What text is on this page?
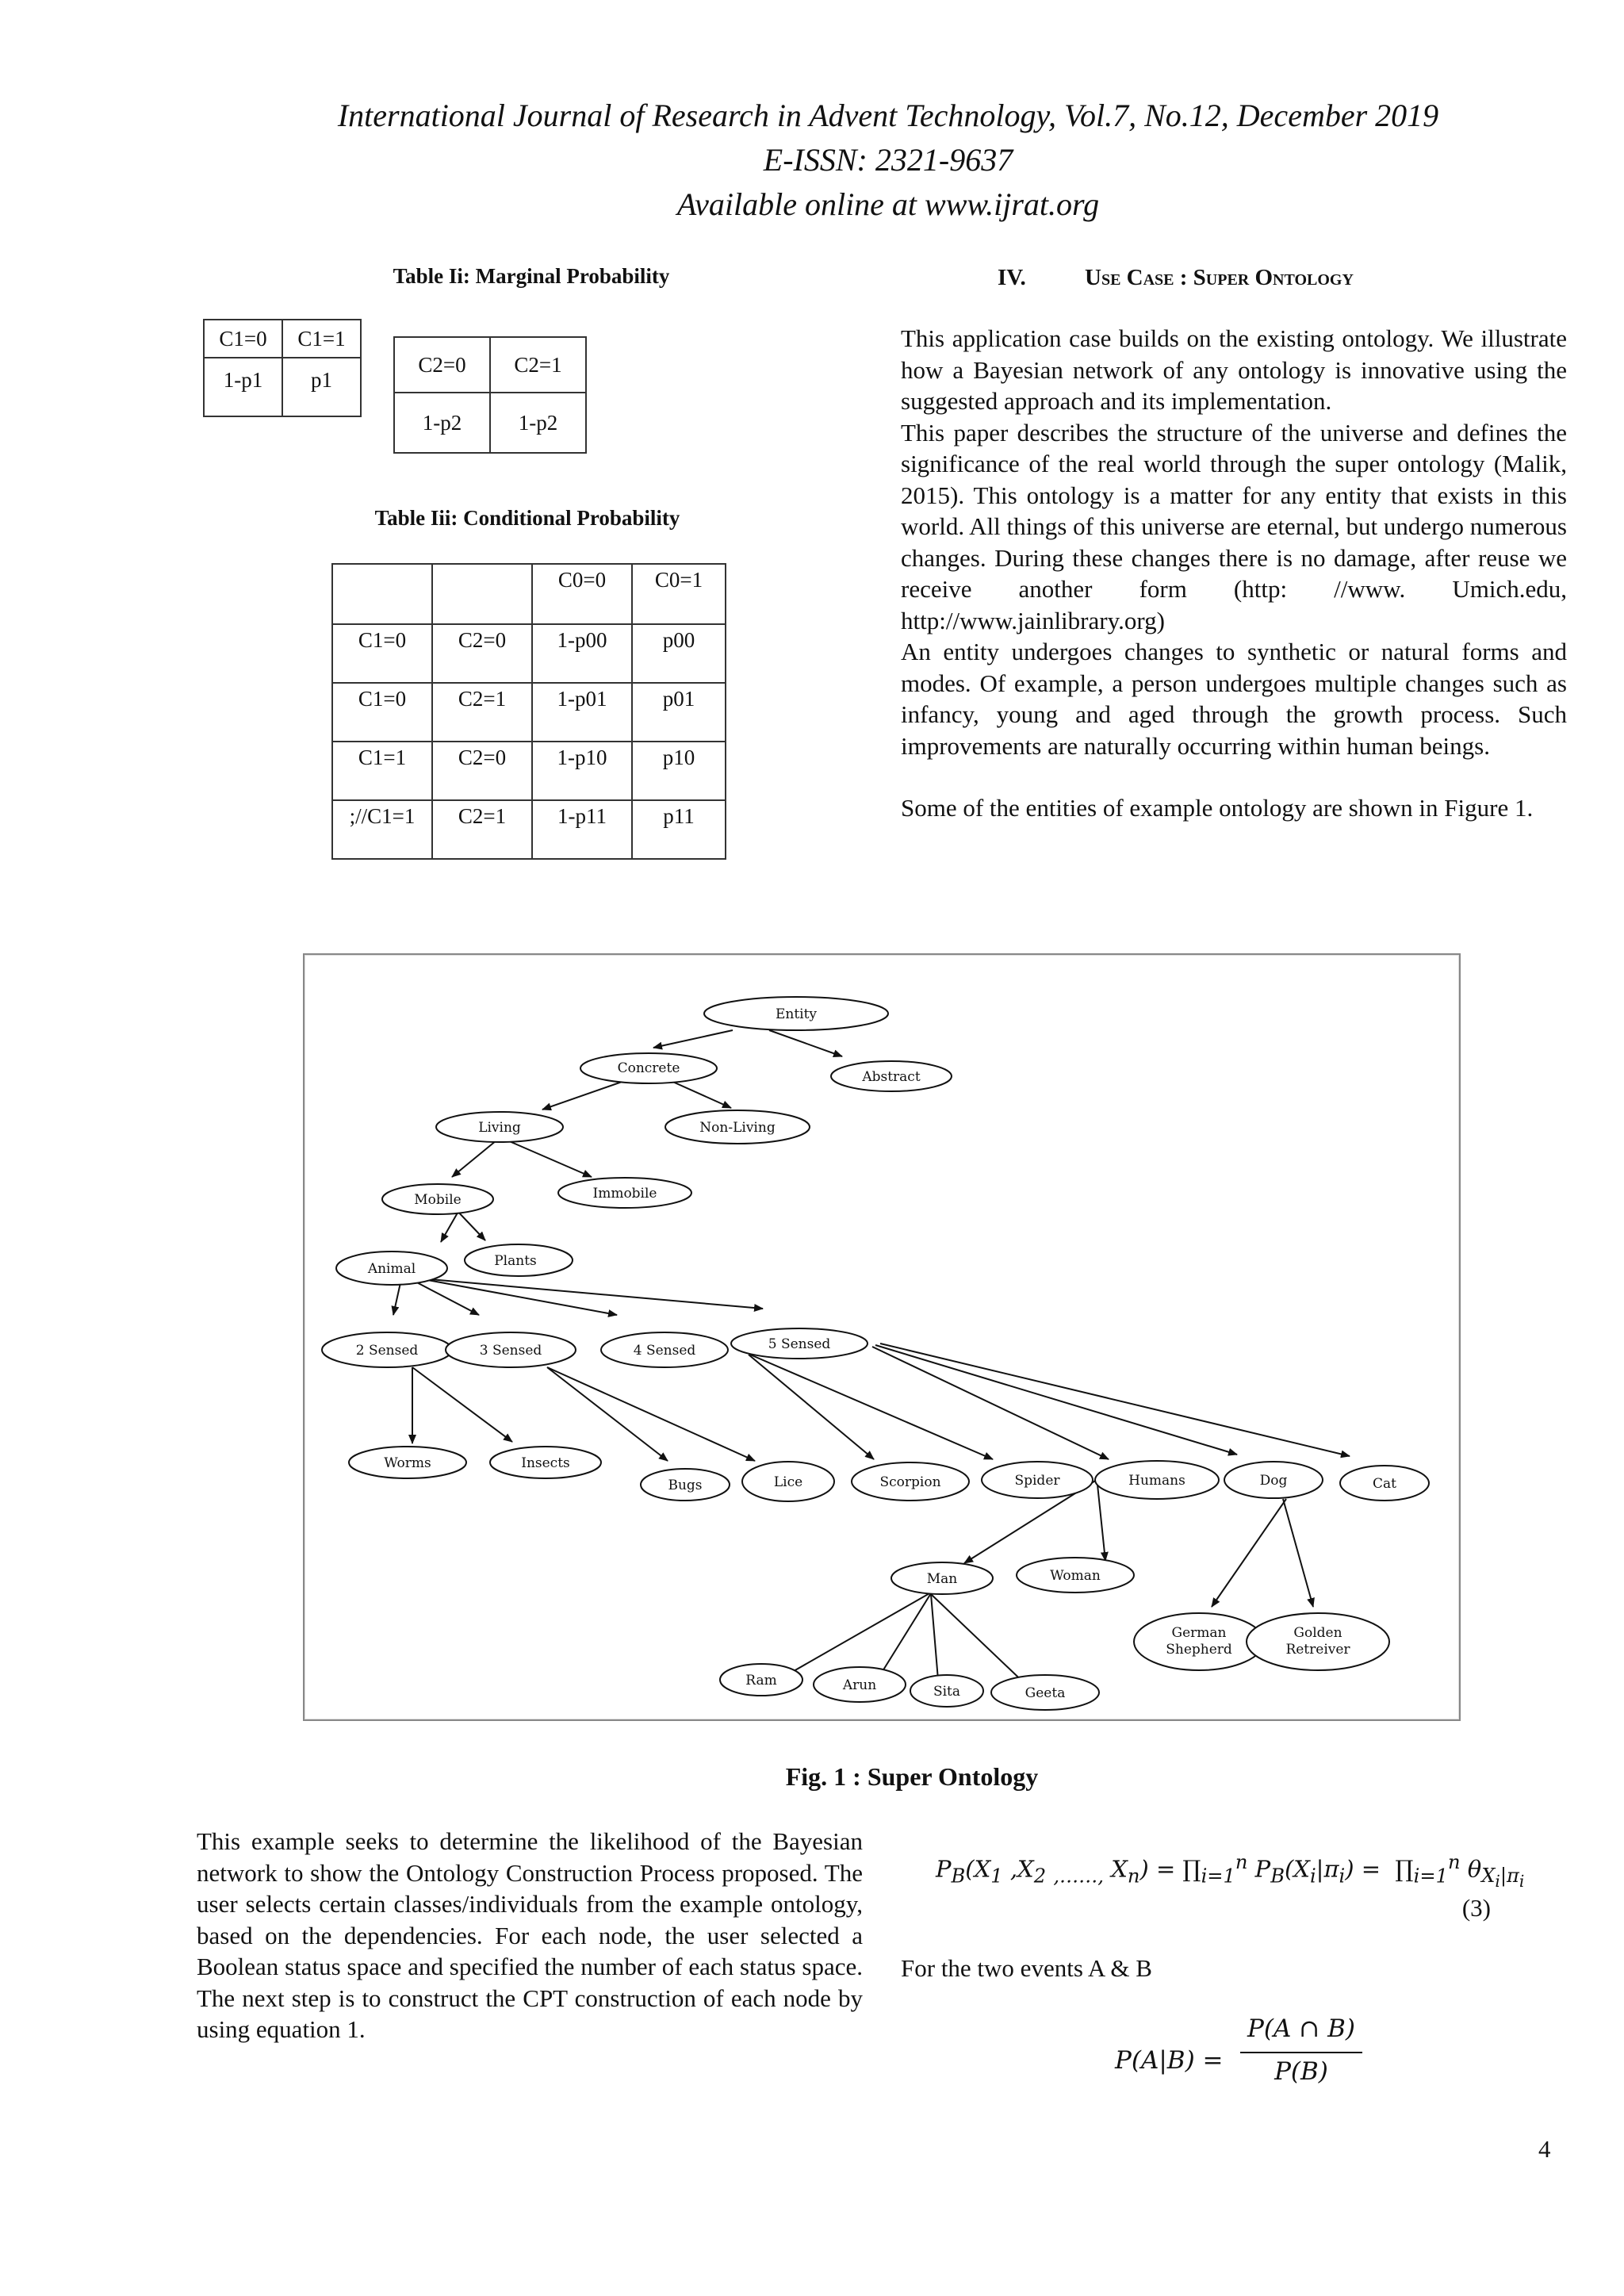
International Journal of Research in Advent Technology, Vol.7, No.12, December 2019
E-ISSN: 2321-9637
Available online at www.ijrat.org
Table Ii: Marginal Probability
C1=0	C1=1
1-p1	p1
C2=0	C2=1
1-p2	1-p2
Table Iii: Conditional Probability
		C0=0	C0=1
C1=0	C2=0	1-p00	p00
C1=0	C2=1	1-p01	p01
C1=1	C2=0	1-p10	p10
;//C1=1	C2=1	1-p11	p11
IV.	Use Case : Super Ontology

This application case builds on the existing ontology. We illustrate how a Bayesian network of any ontology is innovative using the suggested approach and its implementation.

This paper describes the structure of the universe and defines the significance of the real world through the super ontology (Malik, 2015). This ontology is a matter for any entity that exists in this world. All things of this universe are eternal, but undergo numerous changes. During these changes there is no damage, after reuse we receive another form (http: //www. Umich.edu, http://www.jainlibrary.org)

An entity undergoes changes to synthetic or natural forms and modes. Of example, a person undergoes multiple changes such as infancy, young and aged through the growth process. Such improvements are naturally occurring within human beings.

Some of the entities of example ontology are shown in Figure 1.

Entity
Concrete
Abstract
Living	Non-Living
Mobile	Immobile
Animal	Plants
2 Sensed	3 Sensed	4 Sensed	5 Sensed
Worms	Insects
Bugs	Lice	Scorpion	Spider	Humans	Dog	Cat
Man	Woman
German
Shepherd
Golden
Retreiver
Ram	Arun	Sita	Geeta
Fig. 1 : Super Ontology

This example seeks to determine the likelihood of the Bayesian network to show the Ontology Construction Process proposed. The user selects certain classes/individuals from the example ontology, based on the dependencies. For each node, the user selected a Boolean status space and specified the number of each status space. The next step is to construct the CPT construction of each node by using equation 1.

$P_B(X_1$ $,X_2$ $_{,\dots\dots,}$ $X_n$) = $\prod_{i=1}^n$ $P_B(X_i|\pi_i)$ =  $\prod_{i=1}^n$ $\theta_{X_i|\pi_i}$
(3)
For the two events A & B
P(A|B) =
P(A ∩ B)
P(B)
4
